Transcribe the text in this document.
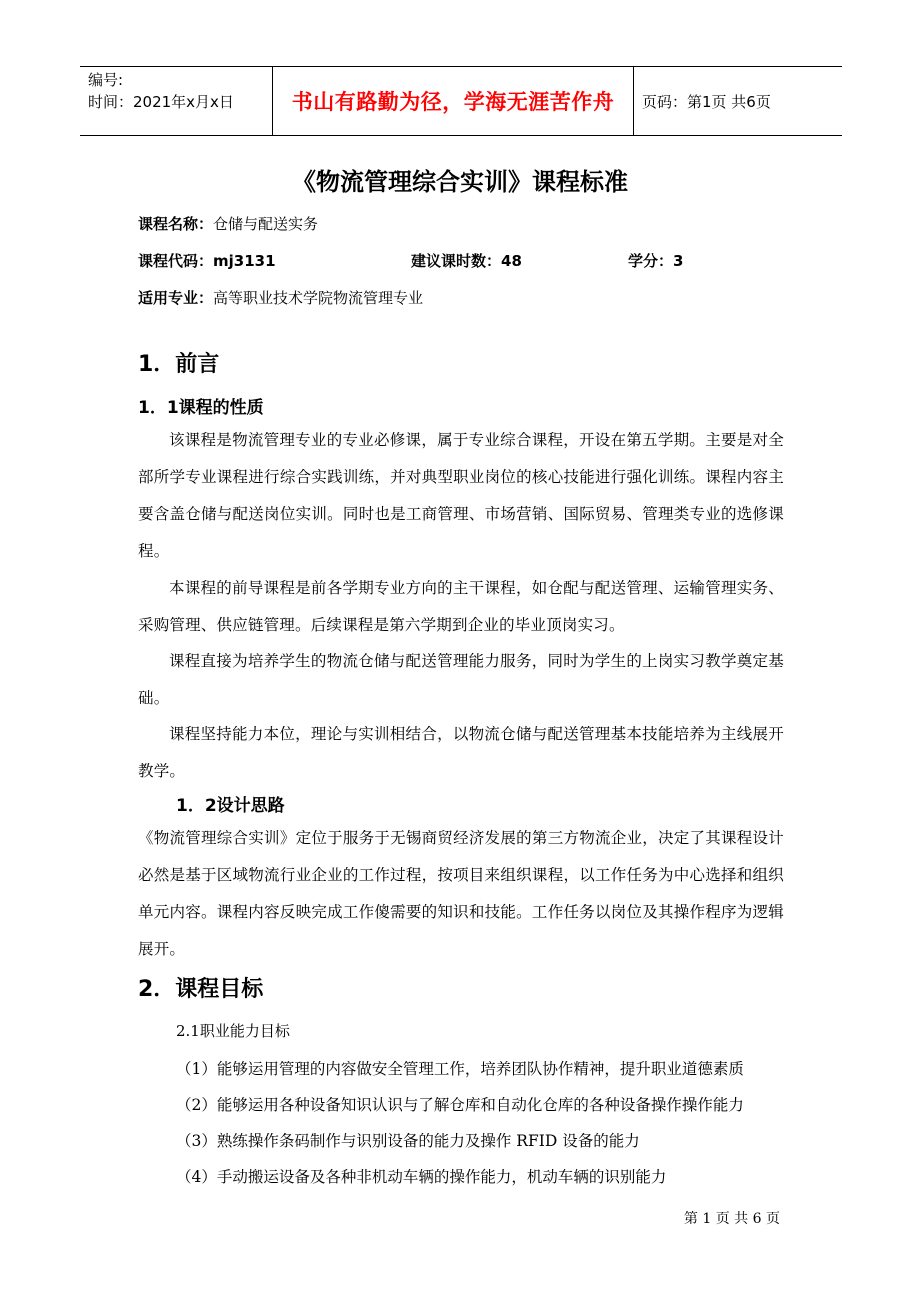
编号:
时间：2021年x月x日	书山有路勤为径，学海无涯苦作舟	页码：第1页 共6页
《物流管理综合实训》课程标准
课程名称：仓储与配送实务
课程代码：mj3131	建议课时数：48	学分：3
适用专业：高等职业技术学院物流管理专业
1．前言
1．1课程的性质
该课程是物流管理专业的专业必修课，属于专业综合课程，开设在第五学期。主要是对全部所学专业课程进行综合实践训练，并对典型职业岗位的核心技能进行强化训练。课程内容主要含盖仓储与配送岗位实训。同时也是工商管理、市场营销、国际贸易、管理类专业的选修课程。
本课程的前导课程是前各学期专业方向的主干课程，如仓配与配送管理、运输管理实务、采购管理、供应链管理。后续课程是第六学期到企业的毕业顶岗实习。
课程直接为培养学生的物流仓储与配送管理能力服务，同时为学生的上岗实习教学奠定基础。
课程坚持能力本位，理论与实训相结合，以物流仓储与配送管理基本技能培养为主线展开教学。
1．2设计思路
《物流管理综合实训》定位于服务于无锡商贸经济发展的第三方物流企业，决定了其课程设计必然是基于区域物流行业企业的工作过程，按项目来组织课程，以工作任务为中心选择和组织单元内容。课程内容反映完成工作傻需要的知识和技能。工作任务以岗位及其操作程序为逻辑展开。
2．课程目标
2.1职业能力目标
（1）能够运用管理的内容做安全管理工作，培养团队协作精神，提升职业道德素质
（2）能够运用各种设备知识认识与了解仓库和自动化仓库的各种设备操作操作能力
（3）熟练操作条码制作与识别设备的能力及操作 RFID 设备的能力
（4）手动搬运设备及各种非机动车辆的操作能力，机动车辆的识别能力
第 1 页 共 6 页
